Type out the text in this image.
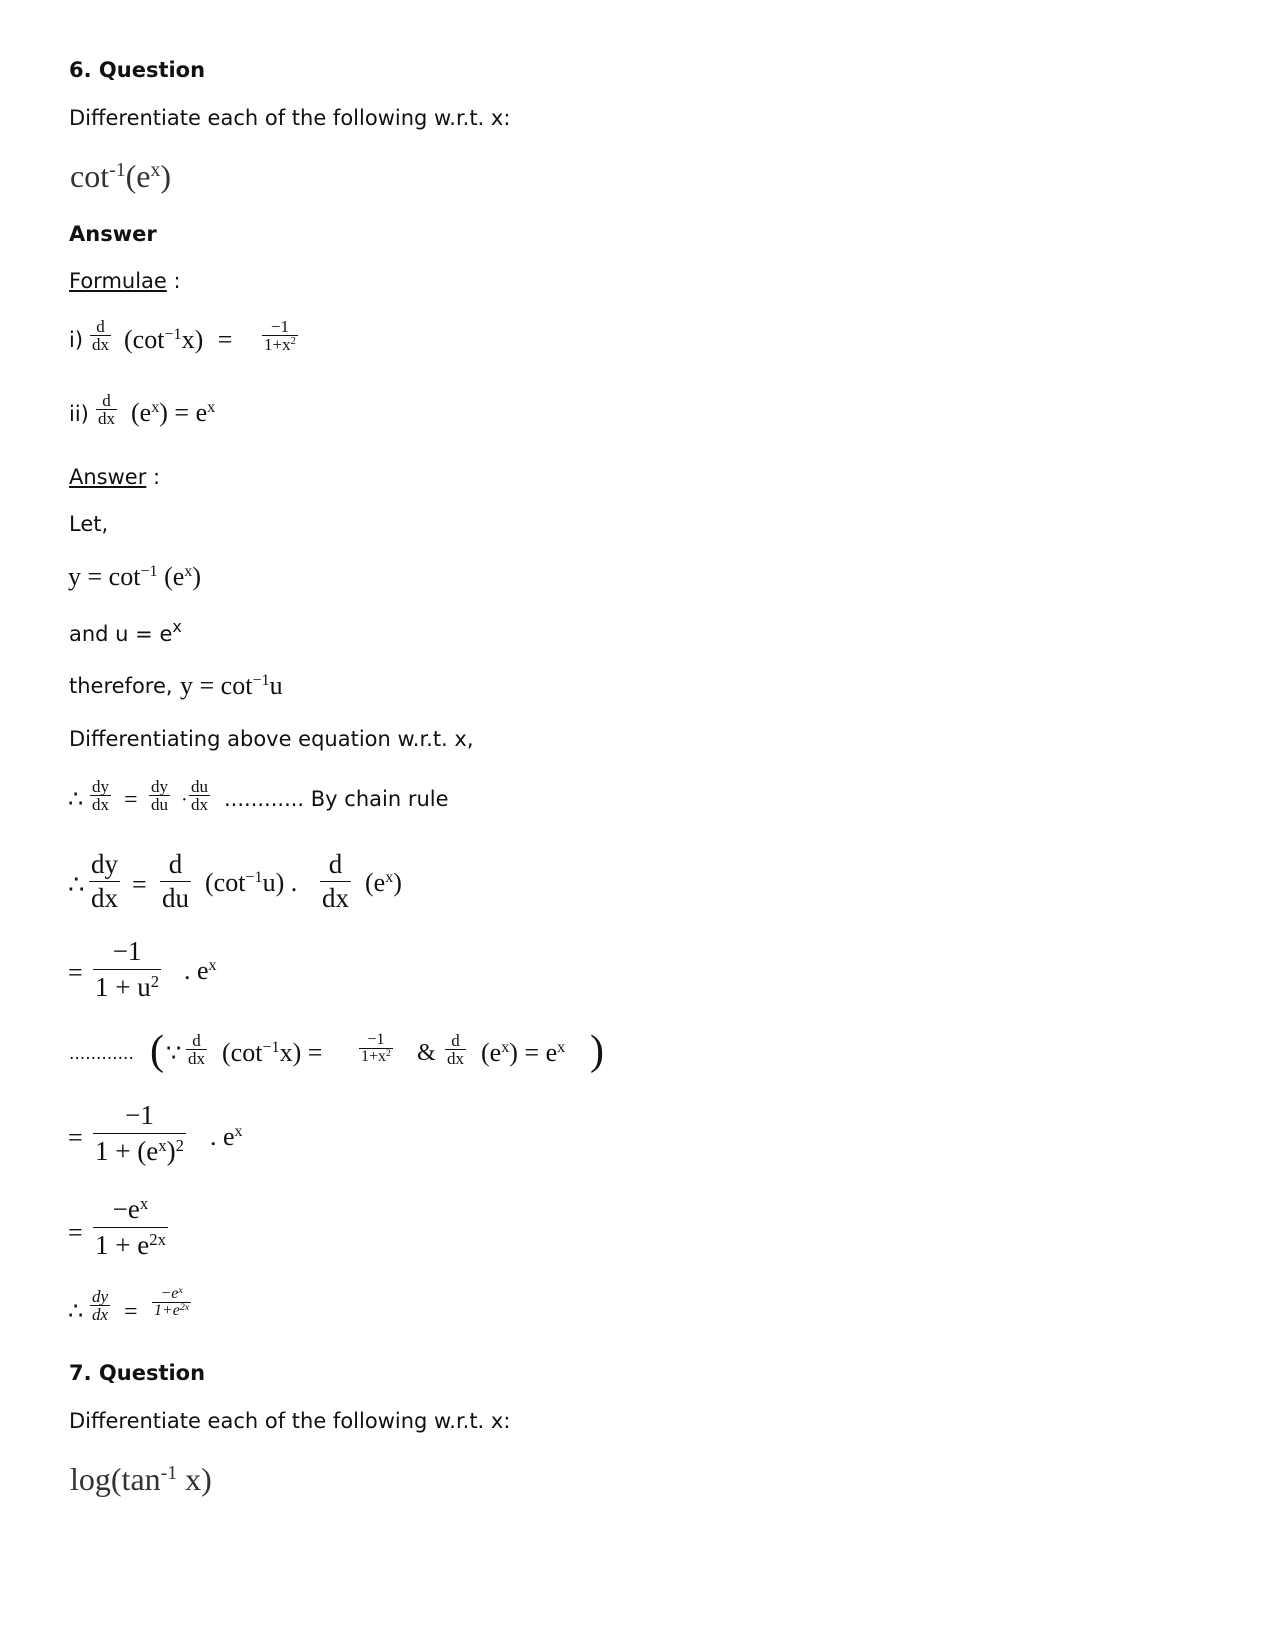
6. Question
Differentiate each of the following w.r.t. x:
$\cot^{-1}(e^x)$
Answer
Formulae :
i)
d
dx $(\cot^{-1}x) = -1$
$1+x^2$
ii)
d
dx $(e^x) = e^x$
Answer :
Let,
$y = \cot^{-1} (e^x)$
and $u = e^x$
therefore, $y = \cot^{-1}u$
Differentiating above equation w.r.t. x,
∴
dy
dx =
dy
du ·
du
dx ............ By chain rule
∴
dy
dx =
d
du
$(\cot^{-1}u)$ .
d
dx
$(e^x)$
=
−1
$1 + u^2$ . $e^x$
............ ( ∵
d
dx $(\cot^{-1}x)$ =	−1
$1+x^2$ & d
dx $(e^x) = e^x$ )
=
−1
$1 + (e^x)^2$ . $e^x$
=
$-e^x$
$1 + e^{2x}$
∴
dy
dx =
$-e^x$
$1+e^{2x}$
7. Question
Differentiate each of the following w.r.t. x:
$\log(\tan^{-1}$ x)
